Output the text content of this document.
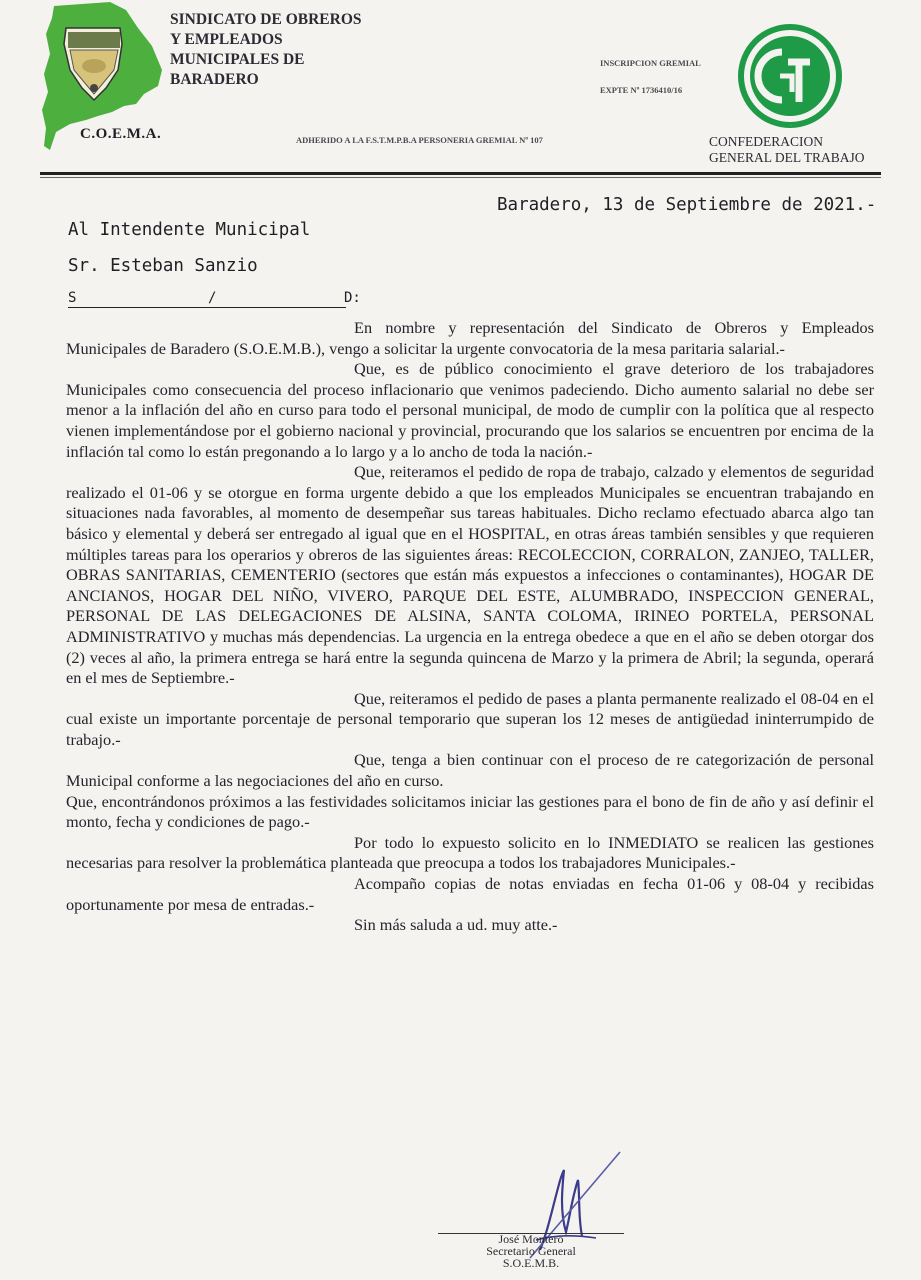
SINDICATO DE OBREROS
Y EMPLEADOS
MUNICIPALES DE
BARADERO
C.O.E.M.A.	ADHERIDO A LA F.S.T.M.P.B.A PERSONERIA GREMIAL Nº 107
INSCRIPCION GREMIAL
EXPTE Nº 1736410/16
CGT
CONFEDERACION
GENERAL DEL TRABAJO
Baradero, 13 de Septiembre de 2021.-
Al Intendente Municipal
Sr. Esteban Sanzio
S	/	D:

En nombre y representación del Sindicato de Obreros y Empleados Municipales de Baradero (S.O.E.M.B.), vengo a solicitar la urgente convocatoria de la mesa paritaria salarial.-

Que, es de público conocimiento el grave deterioro de los trabajadores Municipales como consecuencia del proceso inflacionario que venimos padeciendo. Dicho aumento salarial no debe ser menor a la inflación del año en curso para todo el personal municipal, de modo de cumplir con la política que al respecto vienen implementándose por el gobierno nacional y provincial, procurando que los salarios se encuentren por encima de la inflación tal como lo están pregonando a lo largo y a lo ancho de toda la nación.-

Que, reiteramos el pedido de ropa de trabajo, calzado y elementos de seguridad realizado el 01-06 y se otorgue en forma urgente debido a que los empleados Municipales se encuentran trabajando en situaciones nada favorables, al momento de desempeñar sus tareas habituales. Dicho reclamo efectuado abarca algo tan básico y elemental y deberá ser entregado al igual que en el HOSPITAL, en otras áreas también sensibles y que requieren múltiples tareas para los operarios y obreros de las siguientes áreas: RECOLECCION, CORRALON, ZANJEO, TALLER, OBRAS SANITARIAS, CEMENTERIO (sectores que están más expuestos a infecciones o contaminantes), HOGAR DE ANCIANOS, HOGAR DEL NIÑO, VIVERO, PARQUE DEL ESTE, ALUMBRADO, INSPECCION GENERAL, PERSONAL DE LAS DELEGACIONES DE ALSINA, SANTA COLOMA, IRINEO PORTELA, PERSONAL ADMINISTRATIVO y muchas más dependencias. La urgencia en la entrega obedece a que en el año se deben otorgar dos (2) veces al año, la primera entrega se hará entre la segunda quincena de Marzo y la primera de Abril; la segunda, operará en el mes de Septiembre.-

Que, reiteramos el pedido de pases a planta permanente realizado el 08-04 en el cual existe un importante porcentaje de personal temporario que superan los 12 meses de antigüedad ininterrumpido de trabajo.-

Que, tenga a bien continuar con el proceso de re categorización de personal Municipal conforme a las negociaciones del año en curso.

Que, encontrándonos próximos a las festividades solicitamos iniciar las gestiones para el bono de fin de año y así definir el monto, fecha y condiciones de pago.-

Por todo lo expuesto solicito en lo INMEDIATO se realicen las gestiones necesarias para resolver la problemática planteada que preocupa a todos los trabajadores Municipales.-

Acompaño copias de notas enviadas en fecha 01-06 y 08-04 y recibidas oportunamente por mesa de entradas.-

Sin más saluda a ud. muy atte.-

José Montero
Secretario General
S.O.E.M.B.
